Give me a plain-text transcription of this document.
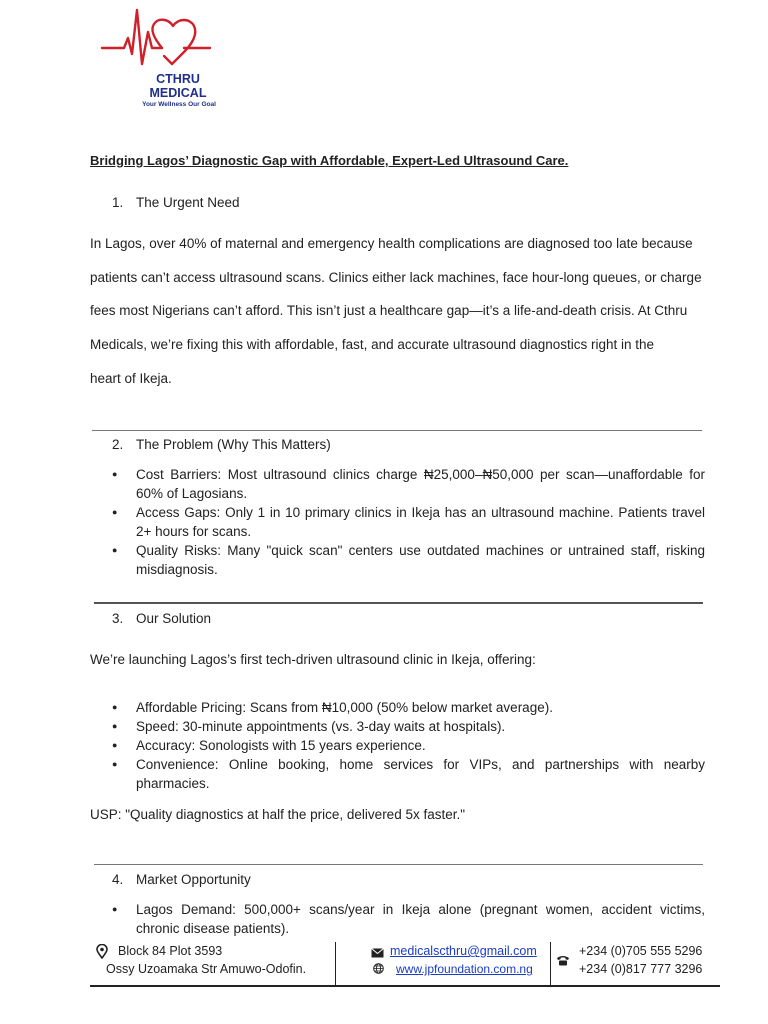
CTHRU
MEDICAL
Your Wellness Our Goal
Bridging Lagos’ Diagnostic Gap with Affordable, Expert-Led Ultrasound Care.
1. The Urgent Need
In Lagos, over 40% of maternal and emergency health complications are diagnosed too late because
patients can’t access ultrasound scans. Clinics either lack machines, face hour-long queues, or charge
fees most Nigerians can’t afford. This isn’t just a healthcare gap—it’s a life-and-death crisis. At Cthru
Medicals, we’re fixing this with affordable, fast, and accurate ultrasound diagnostics right in the
heart of Ikeja.
2. The Problem (Why This Matters)
● Cost Barriers: Most ultrasound clinics charge ₦25,000–₦50,000 per scan—unaffordable for 60% of Lagosians.
● Access Gaps: Only 1 in 10 primary clinics in Ikeja has an ultrasound machine. Patients travel 2+ hours for scans.
● Quality Risks: Many "quick scan" centers use outdated machines or untrained staff, risking misdiagnosis.
3. Our Solution
We’re launching Lagos’s first tech-driven ultrasound clinic in Ikeja, offering:
● Affordable Pricing: Scans from ₦10,000 (50% below market average).
● Speed: 30-minute appointments (vs. 3-day waits at hospitals).
● Accuracy: Sonologists with 15 years experience.
● Convenience: Online booking, home services for VIPs, and partnerships with nearby pharmacies.
USP: "Quality diagnostics at half the price, delivered 5x faster."
4. Market Opportunity
● Lagos Demand: 500,000+ scans/year in Ikeja alone (pregnant women, accident victims, chronic disease patients).
Block 84 Plot 3593
Ossy Uzoamaka Str Amuwo-Odofin.
medicalscthru@gmail.com
www.jpfoundation.com.ng
+234 (0)705 555 5296
+234 (0)817 777 3296
